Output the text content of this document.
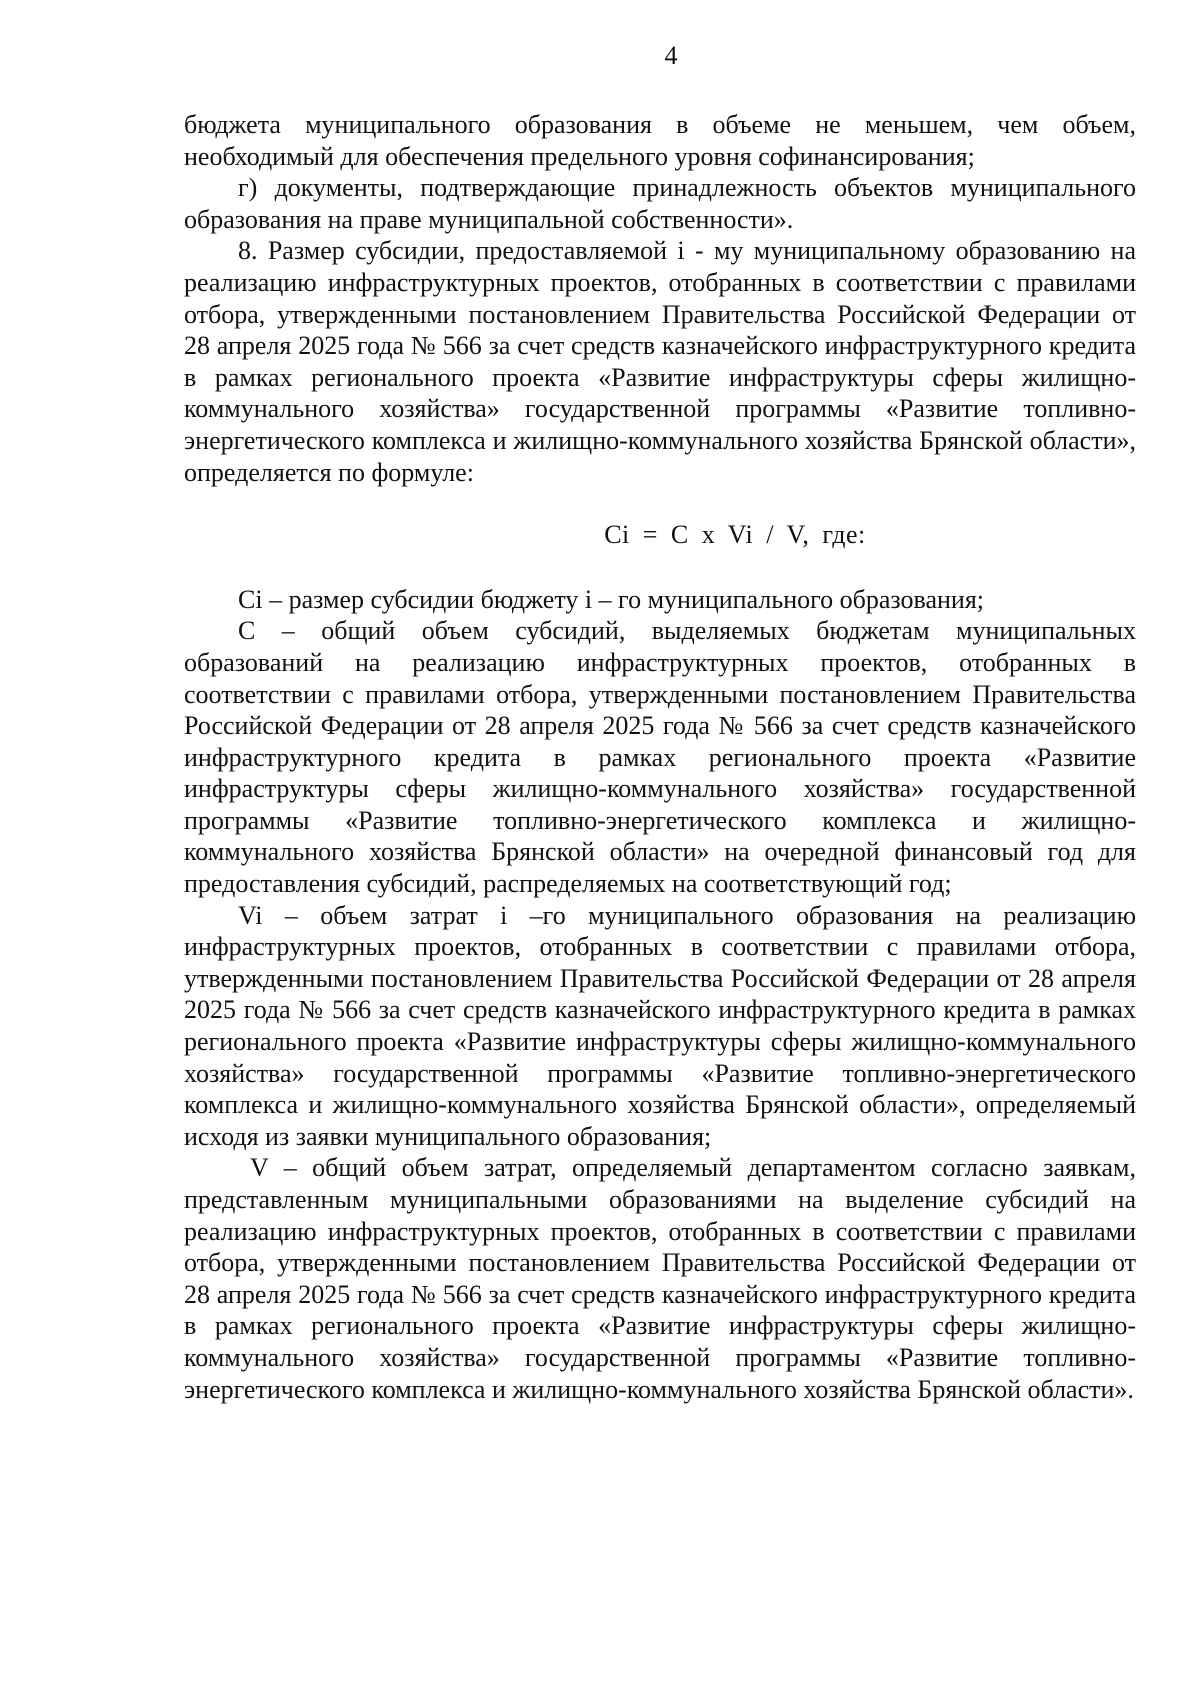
4

бюджета муниципального образования в объеме не меньшем, чем объем, необходимый для обеспечения предельного уровня софинансирования;

г) документы, подтверждающие принадлежность объектов муниципального образования на праве муниципальной собственности».

8. Размер субсидии, предоставляемой i - му муниципальному образованию на реализацию инфраструктурных проектов, отобранных в соответствии с правилами отбора, утвержденными постановлением Правительства Российской Федерации от 28 апреля 2025 года № 566 за счет средств казначейского инфраструктурного кредита в рамках регионального проекта «Развитие инфраструктуры сферы жилищно-коммунального хозяйства» государственной программы «Развитие топливно-энергетического комплекса и жилищно-коммунального хозяйства Брянской области», определяется по формуле:

Ci = C x Vi / V, где:

Ci – размер субсидии бюджету i – го муниципального образования;

С – общий объем субсидий, выделяемых бюджетам муниципальных образований на реализацию инфраструктурных проектов, отобранных в соответствии с правилами отбора, утвержденными постановлением Правительства Российской Федерации от 28 апреля 2025 года № 566 за счет средств казначейского инфраструктурного кредита в рамках регионального проекта «Развитие инфраструктуры сферы жилищно-коммунального хозяйства» государственной программы «Развитие топливно-энергетического комплекса и жилищно-коммунального хозяйства Брянской области» на очередной финансовый год для предоставления субсидий, распределяемых на соответствующий год;

Vi – объем затрат i –го муниципального образования на реализацию инфраструктурных проектов, отобранных в соответствии с правилами отбора, утвержденными постановлением Правительства Российской Федерации от 28 апреля 2025 года № 566 за счет средств казначейского инфраструктурного кредита в рамках регионального проекта «Развитие инфраструктуры сферы жилищно-коммунального хозяйства» государственной программы «Развитие топливно-энергетического комплекса и жилищно-коммунального хозяйства Брянской области», определяемый исходя из заявки муниципального образования;

V – общий объем затрат, определяемый департаментом согласно заявкам, представленным муниципальными образованиями на выделение субсидий на реализацию инфраструктурных проектов, отобранных в соответствии с правилами отбора, утвержденными постановлением Правительства Российской Федерации от 28 апреля 2025 года № 566 за счет средств казначейского инфраструктурного кредита в рамках регионального проекта «Развитие инфраструктуры сферы жилищно-коммунального хозяйства» государственной программы «Развитие топливно-энергетического комплекса и жилищно-коммунального хозяйства Брянской области».
